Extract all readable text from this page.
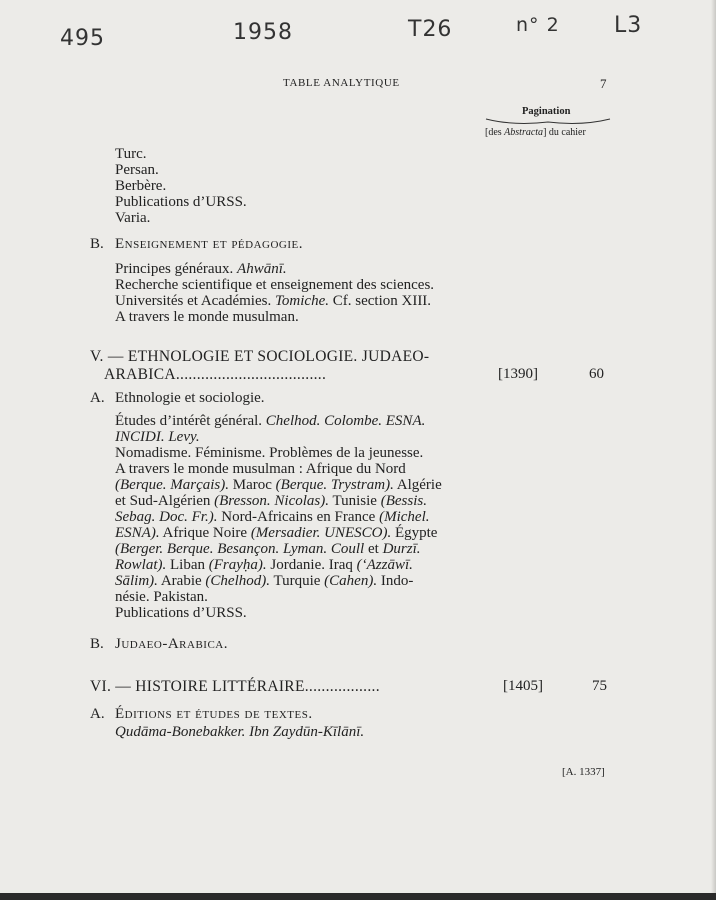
495	1958	T26	n° 2 L3
TABLE ANALYTIQUE	7
Pagination
[des Abstracta] du cahier
Turc.
Persan.
Berbère.
Publications d’URSS.
Varia.
B. Enseignement et pédagogie.
Principes généraux. Ahwānī.
Recherche scientifique et enseignement des sciences.
Universités et Académies. Tomiche. Cf. section XIII.
A travers le monde musulman.
V. — ETHNOLOGIE ET SOCIOLOGIE. JUDAEO-
ARABICA....................................	[1390]	60
A. Ethnologie et sociologie.
Études d’intérêt général. Chelhod. Colombe. ESNA.
INCIDI. Levy.
Nomadisme. Féminisme. Problèmes de la jeunesse.
A travers le monde musulman : Afrique du Nord
(Berque. Marçais). Maroc (Berque. Trystram). Algérie
et Sud-Algérien (Bresson. Nicolas). Tunisie (Bessis.
Sebag. Doc. Fr.). Nord-Africains en France (Michel.
ESNA). Afrique Noire (Mersadier. UNESCO). Égypte
(Berger. Berque. Besançon. Lyman. Coull et Durzī.
Rowlat). Liban (Frayḥa). Jordanie. Iraq (‘Azzāwī.
Sālim). Arabie (Chelhod). Turquie (Cahen). Indo-
nésie. Pakistan.
Publications d’URSS.
B. Judaeo-Arabica.
VI. — HISTOIRE LITTÉRAIRE..................	[1405]	75
A. Éditions et études de textes.
Qudāma-Bonebakker. Ibn Zaydūn-Kīlānī.
[A. 1337]
